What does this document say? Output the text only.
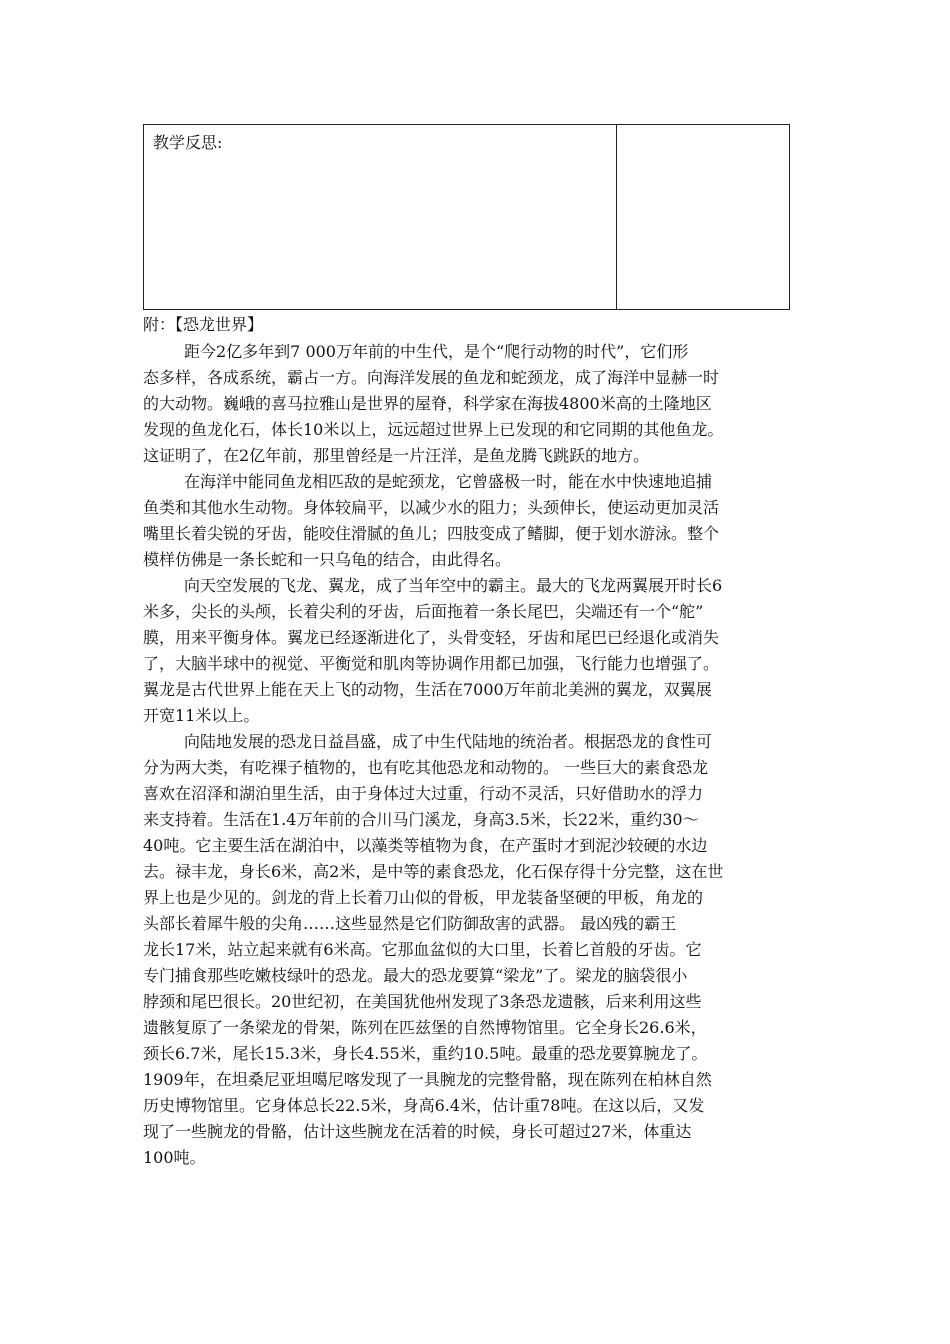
教学反思:
附：【恐龙世界】
距今2亿多年到7 000万年前的中生代，是个“爬行动物的时代”，它们形
态多样，各成系统，霸占一方。向海洋发展的鱼龙和蛇颈龙，成了海洋中显赫一时
的大动物。巍峨的喜马拉雅山是世界的屋脊，科学家在海拔4800米高的土隆地区
发现的鱼龙化石，体长10米以上，远远超过世界上已发现的和它同期的其他鱼龙。
这证明了，在2亿年前，那里曾经是一片汪洋，是鱼龙腾飞跳跃的地方。
在海洋中能同鱼龙相匹敌的是蛇颈龙，它曾盛极一时，能在水中快速地追捕
鱼类和其他水生动物。身体较扁平，以减少水的阻力；头颈伸长，使运动更加灵活
嘴里长着尖锐的牙齿，能咬住滑腻的鱼儿；四肢变成了鳍脚，便于划水游泳。整个
模样仿佛是一条长蛇和一只乌龟的结合，由此得名。
向天空发展的飞龙、翼龙，成了当年空中的霸主。最大的飞龙两翼展开时长6
米多，尖长的头颅，长着尖利的牙齿，后面拖着一条长尾巴，尖端还有一个“舵”
膜，用来平衡身体。翼龙已经逐渐进化了，头骨变轻，牙齿和尾巴已经退化或消失
了，大脑半球中的视觉、平衡觉和肌肉等协调作用都已加强，飞行能力也增强了。
翼龙是古代世界上能在天上飞的动物，生活在7000万年前北美洲的翼龙，双翼展
开宽11米以上。
向陆地发展的恐龙日益昌盛，成了中生代陆地的统治者。根据恐龙的食性可
分为两大类，有吃裸子植物的，也有吃其他恐龙和动物的。 一些巨大的素食恐龙
喜欢在沼泽和湖泊里生活，由于身体过大过重，行动不灵活，只好借助水的浮力
来支持着。生活在1.4万年前的合川马门溪龙，身高3.5米，长22米，重约30～
40吨。它主要生活在湖泊中，以藻类等植物为食，在产蛋时才到泥沙较硬的水边
去。禄丰龙，身长6米，高2米，是中等的素食恐龙，化石保存得十分完整，这在世
界上也是少见的。剑龙的背上长着刀山似的骨板，甲龙装备坚硬的甲板，角龙的
头部长着犀牛般的尖角……这些显然是它们防御敌害的武器。 最凶残的霸王
龙长17米，站立起来就有6米高。它那血盆似的大口里，长着匕首般的牙齿。它
专门捕食那些吃嫩枝绿叶的恐龙。最大的恐龙要算“梁龙”了。梁龙的脑袋很小
脖颈和尾巴很长。20世纪初，在美国犹他州发现了3条恐龙遗骸，后来利用这些
遗骸复原了一条梁龙的骨架，陈列在匹兹堡的自然博物馆里。它全身长26.6米，
颈长6.7米，尾长15.3米，身长4.55米，重约10.5吨。最重的恐龙要算腕龙了。
1909年，在坦桑尼亚坦噶尼喀发现了一具腕龙的完整骨骼，现在陈列在柏林自然
历史博物馆里。它身体总长22.5米，身高6.4米，估计重78吨。在这以后，又发
现了一些腕龙的骨骼，估计这些腕龙在活着的时候，身长可超过27米，体重达
100吨。
